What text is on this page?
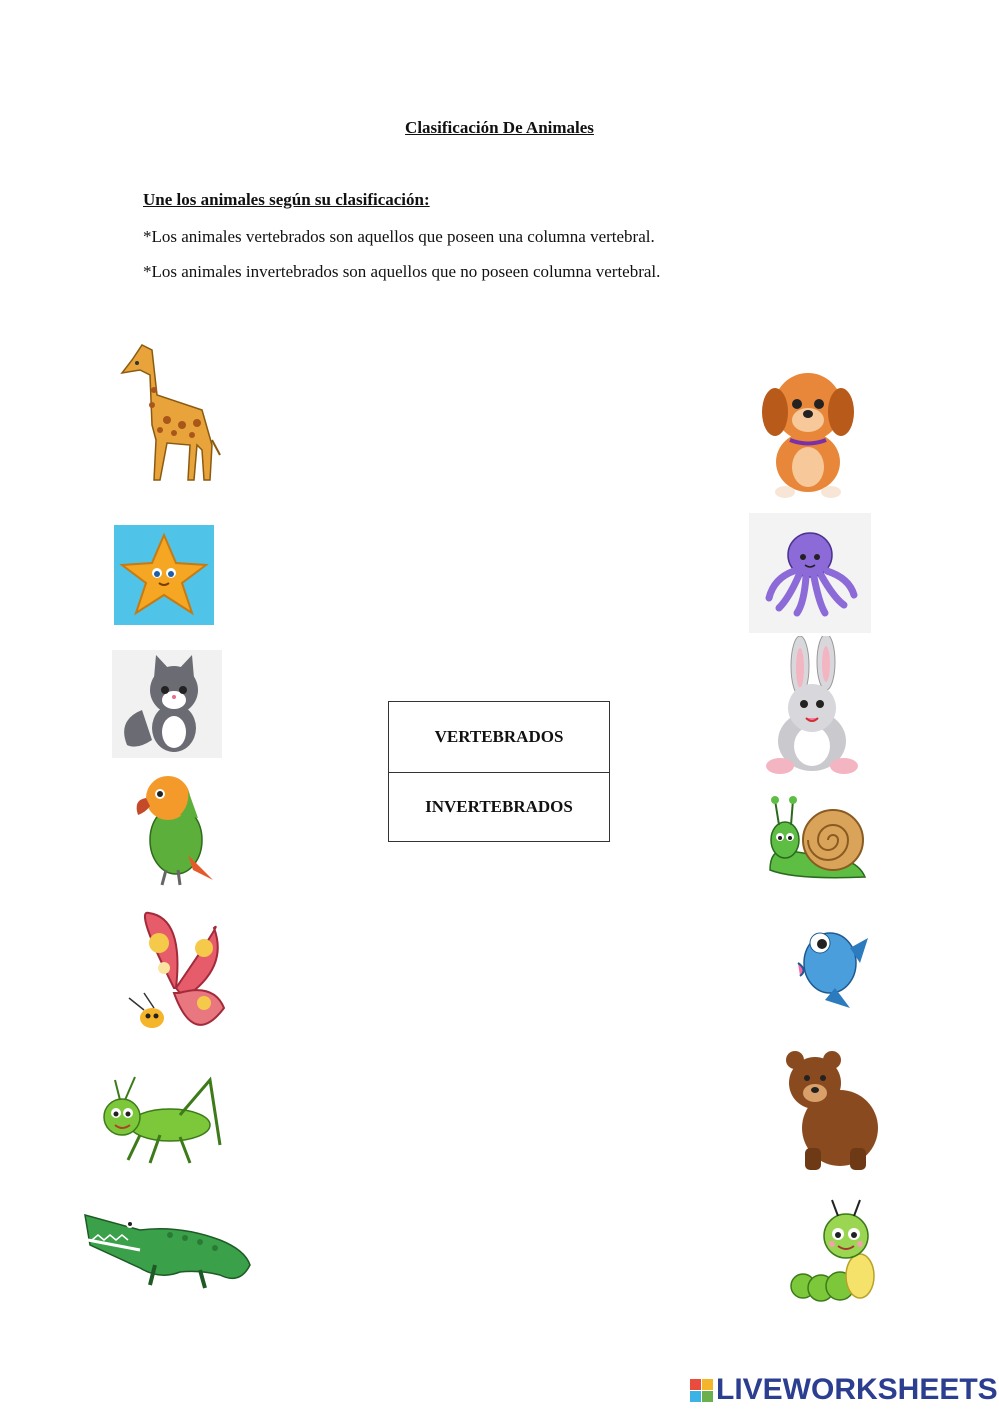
Clasificación De Animales
Une los animales según su clasificación:
*Los animales vertebrados son aquellos que poseen una columna vertebral.
*Los animales invertebrados son aquellos que no poseen columna vertebral.
VERTEBRADOS
INVERTEBRADOS
LIVEWORKSHEETS
